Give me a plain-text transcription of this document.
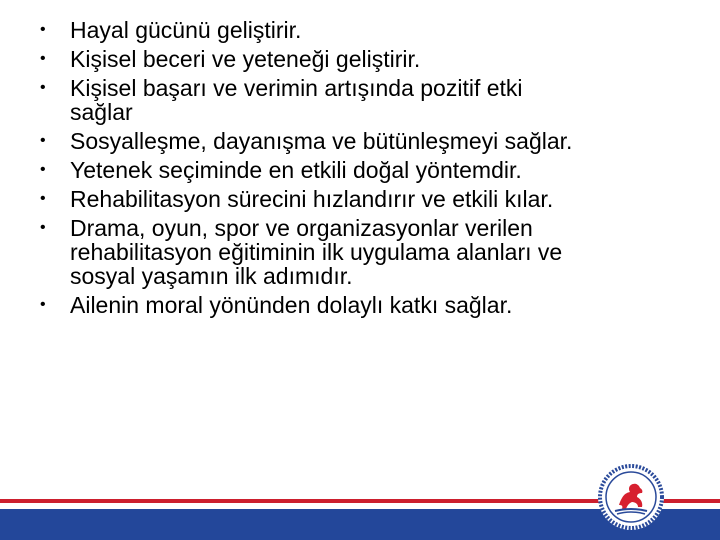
•	Hayal gücünü geliştirir.
•	Kişisel beceri ve yeteneği geliştirir.
•	Kişisel başarı ve verimin artışında pozitif etki
sağlar
•	Sosyalleşme, dayanışma ve bütünleşmeyi sağlar.
•	Yetenek seçiminde en etkili doğal yöntemdir.
•	Rehabilitasyon sürecini hızlandırır ve etkili kılar.
•	Drama, oyun, spor ve organizasyonlar verilen
rehabilitasyon eğitiminin ilk uygulama alanları ve
sosyal yaşamın ilk adımıdır.
•	Ailenin moral yönünden dolaylı katkı sağlar.
